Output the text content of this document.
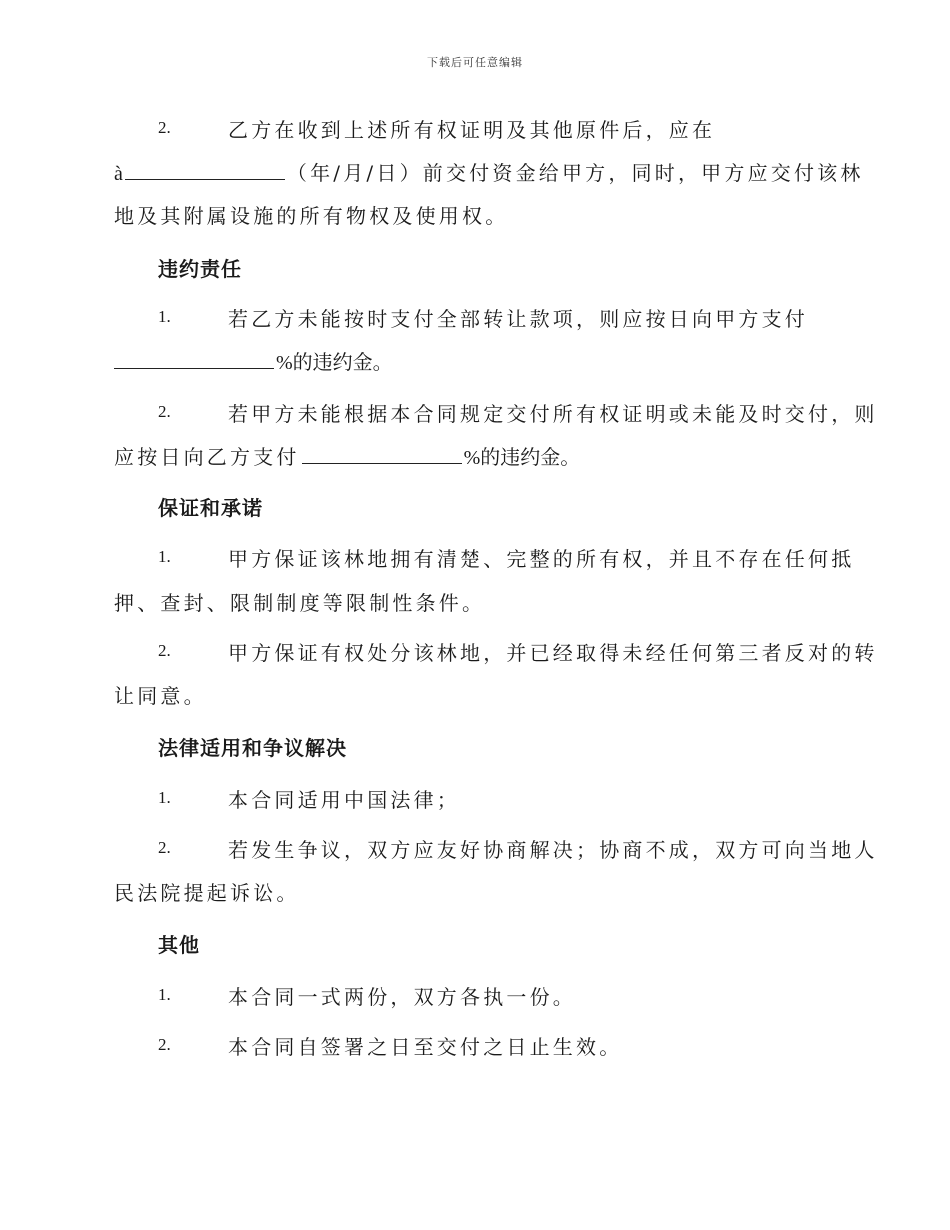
下载后可任意编辑
2.	乙方在收到上述所有权证明及其他原件后，应在
à	（年/月/日）前交付资金给甲方，同时，甲方应交付该林
地及其附属设施的所有物权及使用权。
违约责任
1.	若乙方未能按时支付全部转让款项，则应按日向甲方支付
%的违约金。
2.	若甲方未能根据本合同规定交付所有权证明或未能及时交付，则
应按日向乙方支付	%的违约金。
保证和承诺
1.	甲方保证该林地拥有清楚、完整的所有权，并且不存在任何抵
押、查封、限制制度等限制性条件。
2.	甲方保证有权处分该林地，并已经取得未经任何第三者反对的转
让同意。
法律适用和争议解决
1.	本合同适用中国法律；
2.	若发生争议，双方应友好协商解决；协商不成，双方可向当地人
民法院提起诉讼。
其他
1.	本合同一式两份，双方各执一份。
2.	本合同自签署之日至交付之日止生效。
